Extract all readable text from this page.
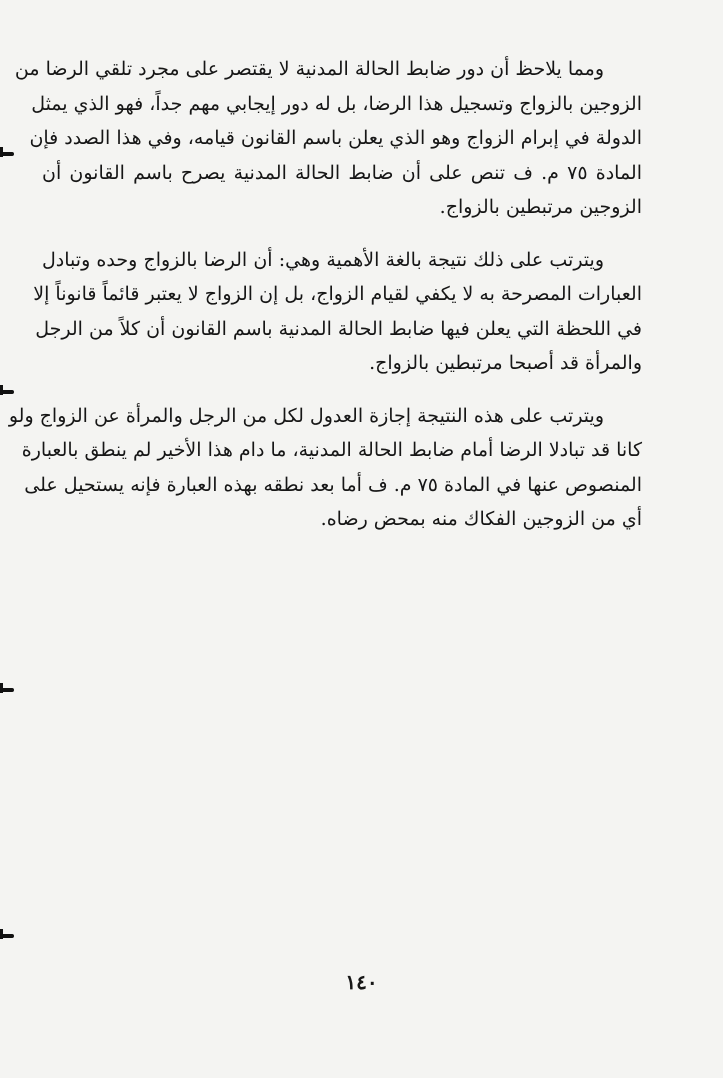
ومما يلاحظ أن دور ضابط الحالة المدنية لا يقتصر على مجرد تلقي الرضا من
الزوجين بالزواج وتسجيل هذا الرضا، بل له دور إيجابي مهم جداً، فهو الذي يمثل
الدولة في إبرام الزواج وهو الذي يعلن باسم القانون قيامه، وفي هذا الصدد فإن
المادة ٧٥ م. ف تنص على أن ضابط الحالة المدنية يصرح باسم القانون أن
الزوجين مرتبطين بالزواج.

ويترتب على ذلك نتيجة بالغة الأهمية وهي: أن الرضا بالزواج وحده وتبادل
العبارات المصرحة به لا يكفي لقيام الزواج، بل إن الزواج لا يعتبر قائماً قانوناً إلا
في اللحظة التي يعلن فيها ضابط الحالة المدنية باسم القانون أن كلاً من الرجل
والمرأة قد أصبحا مرتبطين بالزواج.

ويترتب على هذه النتيجة إجازة العدول لكل من الرجل والمرأة عن الزواج ولو
كانا قد تبادلا الرضا أمام ضابط الحالة المدنية، ما دام هذا الأخير لم ينطق بالعبارة
المنصوص عنها في المادة ٧٥ م. ف أما بعد نطقه بهذه العبارة فإنه يستحيل على
أي من الزوجين الفكاك منه بمحض رضاه.

١٤٠
